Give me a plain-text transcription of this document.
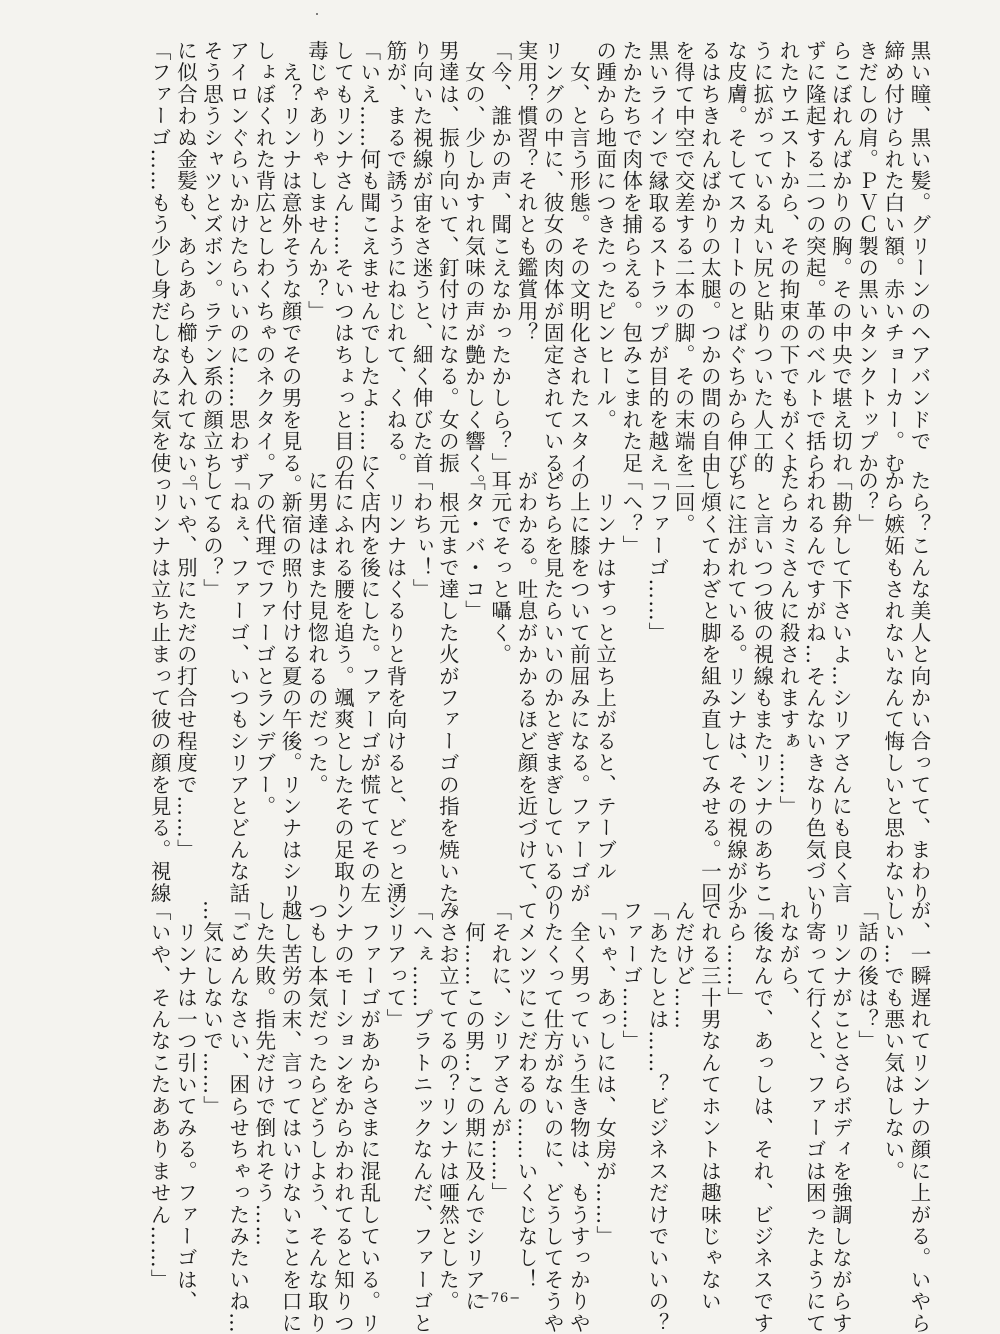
黒い瞳、黒い髪。グリーンのヘアバンドで

締め付けられた白い額。赤いチョーカー。む

きだしの肩。ＰＶＣ製の黒いタンクトップか

らこぼれんばかりの胸。その中央で堪え切れ

ずに隆起する二つの突起。革のベルトで括ら

れたウエストから、その拘束の下でもがくよ

うに拡がっている丸い尻と貼りついた人工的

な皮膚。そしてスカートのとばぐちから伸び

るはちきれんばかりの太腿。つかの間の自由

を得て中空で交差する二本の脚。その末端を

黒いラインで縁取るストラップが目的を越え

たかたちで肉体を捕らえる。包みこまれた足

の踵から地面につきたったピンヒール。

　女、と言う形態。その文明化されたスタイ

リングの中に、彼女の肉体が固定されている。

実用？慣習？それとも鑑賞用？

「今、誰かの声、聞こえなかったかしら？」

　女の、少しかすれ気味の声が艶かしく響く。

男達は、振り向いて、釘付けになる。女の振

り向いた視線が宙をさ迷うと、細く伸びた首

筋が、まるで誘うようにねじれて、くねる。

「いえ……何も聞こえませんでしたよ……に

してもリンナさん……そいつはちょっと目の

毒じゃありゃしませんか？」

　え？リンナは意外そうな顔でその男を見る。

しょぼくれた背広としわくちゃのネクタイ。

アイロンぐらいかけたらいいのに……思わず

そう思うシャツとズボン。ラテン系の顔立ち

に似合わぬ金髪も、あらあら櫛も入れてない。

「ファーゴ……もう少し身だしなみに気を使っ

たら？こんな美人と向かい合ってて、まわり

から嫉妬もされないなんて悔しいと思わない

の？」

「勘弁して下さいよ…シリアさんにも良く言

われるんですがね…そんないきなり色気づい

たらカミさんに殺されますぁ……」

　と言いつつ彼の視線もまたリンナのあちこ

ちに注がれている。リンナは、その視線が少

し煩くてわざと脚を組み直してみせる。一回、

二回。

「ファーゴ……」

「へ？」

　リンナはすっと立ち上がると、テーブル

の上に膝をついて前屈みになる。ファーゴが

どちらを見たらいいのかとぎまぎしているの

がわかる。吐息がかかるほど顔を近づけて、

耳元でそっと囁く。

「タ・バ・コ」

　根元まで達した火がファーゴの指を焼いた。

「わちぃ！」

　リンナはくるりと背を向けると、どっと湧

く店内を後にした。ファーゴが慌ててその左

右にふれる腰を追う。颯爽としたその足取り

に男達はまた見惚れるのだった。

　新宿の照り付ける夏の午後。リンナはシリ

アの代理でファーゴとランデブー。

「ねぇ、ファーゴ、いつもシリアとどんな話

してるの？」

「いや、別にただの打合せ程度で……」

　リンナは立ち止まって彼の顔を見る。視線

が、一瞬遅れてリンナの顔に上がる。いやら

しい…でも悪い気はしない。

「話の後は？」

　リンナがことさらボディを強調しながらす

り寄って行くと、ファーゴは困ったようにて

れながら、

「後なんで、あっしは、それ、ビジネスです

から……」

てれる三十男なんてホントは趣味じゃない

んだけど……

「あたしとは……？ビジネスだけでいいの？

ファーゴ……」

「いゃ、あっしには、女房が……」

　全く男っていう生き物は、もうすっかりや

りたくって仕方がないのに、どうしてそうや

てメンツにこだわるの……いくじなし！

「それに、シリアさんが……」

　何……この男…この期に及んでシリアに

みさお立ててるの？リンナは唖然とした。

「へぇ……プラトニックなんだ、ファーゴと

シリアって」

　ファーゴがあからさまに混乱している。リ

ンナのモーションをからかわれてると知りつ

つもし本気だったらどうしよう、そんな取り

越し苦労の末、言ってはいけないことを口に

した失敗。指先だけで倒れそう……

「ごめんなさい、困らせちゃったみたいね…

…気にしないで……」

　リンナは一つ引いてみる。ファーゴは、

「いや、そんなこたあありません……」

−76−
